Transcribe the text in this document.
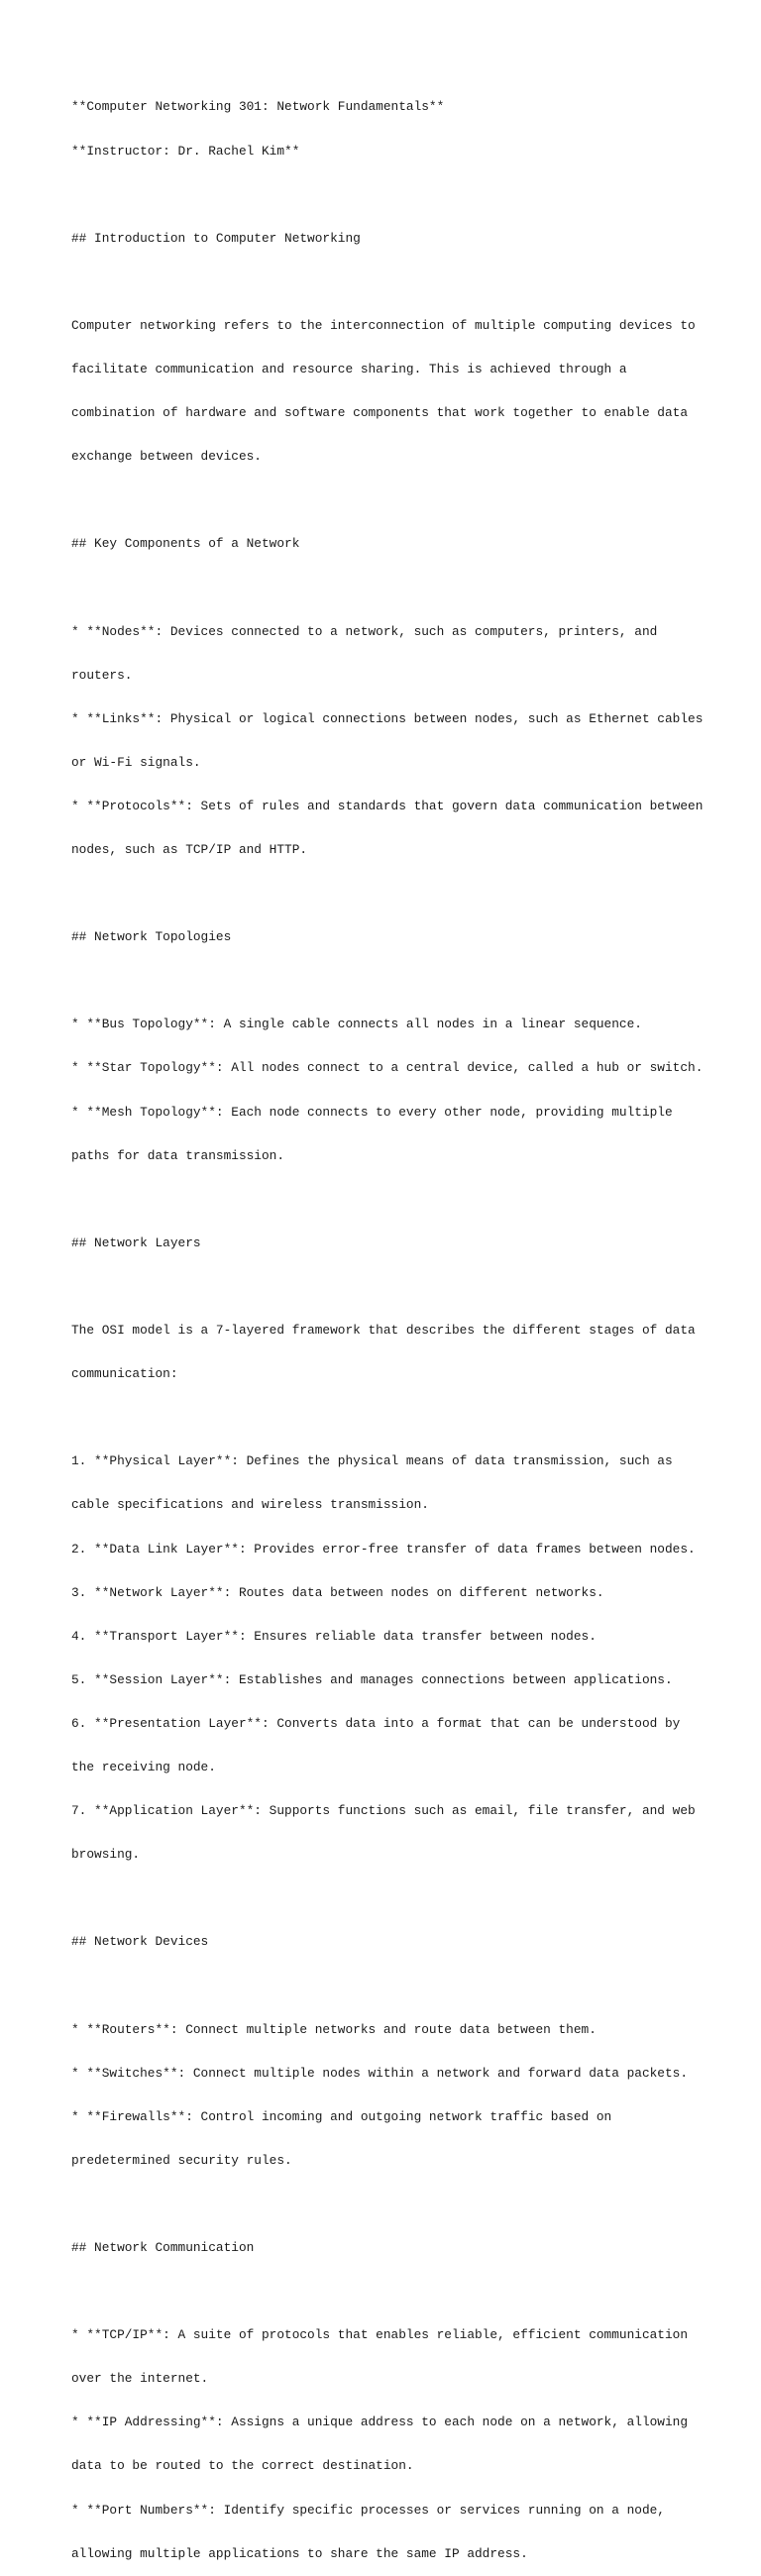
**Computer Networking 301: Network Fundamentals**

**Instructor: Dr. Rachel Kim**

## Introduction to Computer Networking

Computer networking refers to the interconnection of multiple computing devices to

facilitate communication and resource sharing. This is achieved through a

combination of hardware and software components that work together to enable data

exchange between devices.

## Key Components of a Network

* **Nodes**: Devices connected to a network, such as computers, printers, and

routers.

* **Links**: Physical or logical connections between nodes, such as Ethernet cables

or Wi-Fi signals.

* **Protocols**: Sets of rules and standards that govern data communication between

nodes, such as TCP/IP and HTTP.

## Network Topologies

* **Bus Topology**: A single cable connects all nodes in a linear sequence.

* **Star Topology**: All nodes connect to a central device, called a hub or switch.

* **Mesh Topology**: Each node connects to every other node, providing multiple

paths for data transmission.

## Network Layers

The OSI model is a 7-layered framework that describes the different stages of data

communication:

1. **Physical Layer**: Defines the physical means of data transmission, such as

cable specifications and wireless transmission.

2. **Data Link Layer**: Provides error-free transfer of data frames between nodes.

3. **Network Layer**: Routes data between nodes on different networks.

4. **Transport Layer**: Ensures reliable data transfer between nodes.

5. **Session Layer**: Establishes and manages connections between applications.

6. **Presentation Layer**: Converts data into a format that can be understood by

the receiving node.

7. **Application Layer**: Supports functions such as email, file transfer, and web

browsing.

## Network Devices

* **Routers**: Connect multiple networks and route data between them.

* **Switches**: Connect multiple nodes within a network and forward data packets.

* **Firewalls**: Control incoming and outgoing network traffic based on

predetermined security rules.

## Network Communication

* **TCP/IP**: A suite of protocols that enables reliable, efficient communication

over the internet.

* **IP Addressing**: Assigns a unique address to each node on a network, allowing

data to be routed to the correct destination.

* **Port Numbers**: Identify specific processes or services running on a node,

allowing multiple applications to share the same IP address.
